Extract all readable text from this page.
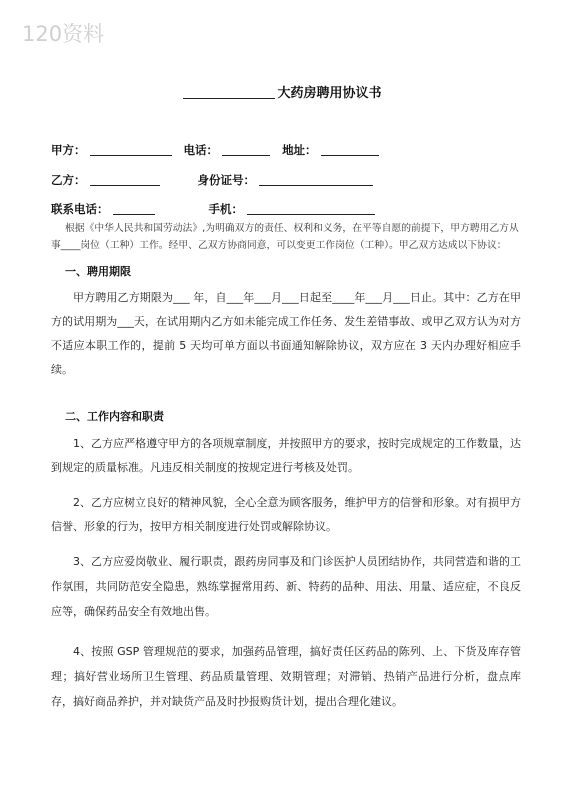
120资料
大药房聘用协议书
甲方：	电话：	地址：
乙方：	身份证号：
联系电话：	手机：
根据《中华人民共和国劳动法》,为明确双方的责任、权利和义务，在平等自愿的前提下，甲方聘用乙方从事____岗位（工种）工作。经甲、乙双方协商同意，可以变更工作岗位（工种）。甲乙双方达成以下协议：
一、聘用期限
甲方聘用乙方期限为___ 年，自___年___月___日起至____年___月___日止。其中：乙方在甲方的试用期为___天，在试用期内乙方如未能完成工作任务、发生差错事故、或甲乙双方认为对方不适应本职工作的，提前 5 天均可单方面以书面通知解除协议，双方应在 3 天内办理好相应手续。
二、工作内容和职责
1、乙方应严格遵守甲方的各项规章制度，并按照甲方的要求，按时完成规定的工作数量，达到规定的质量标准。凡违反相关制度的按规定进行考核及处罚。
2、乙方应树立良好的精神风貌，全心全意为顾客服务，维护甲方的信誉和形象。对有损甲方信誉、形象的行为，按甲方相关制度进行处罚或解除协议。
3、乙方应爱岗敬业、履行职责，跟药房同事及和门诊医护人员团结协作，共同营造和谐的工作氛围，共同防范安全隐患，熟练掌握常用药、新、特药的品种、用法、用量、适应症，不良反应等，确保药品安全有效地出售。
4、按照 GSP 管理规范的要求，加强药品管理，搞好责任区药品的陈列、上、下货及库存管理；搞好营业场所卫生管理、药品质量管理、效期管理；对滞销、热销产品进行分析，盘点库存，搞好商品养护，并对缺货产品及时抄报购货计划，提出合理化建议。
